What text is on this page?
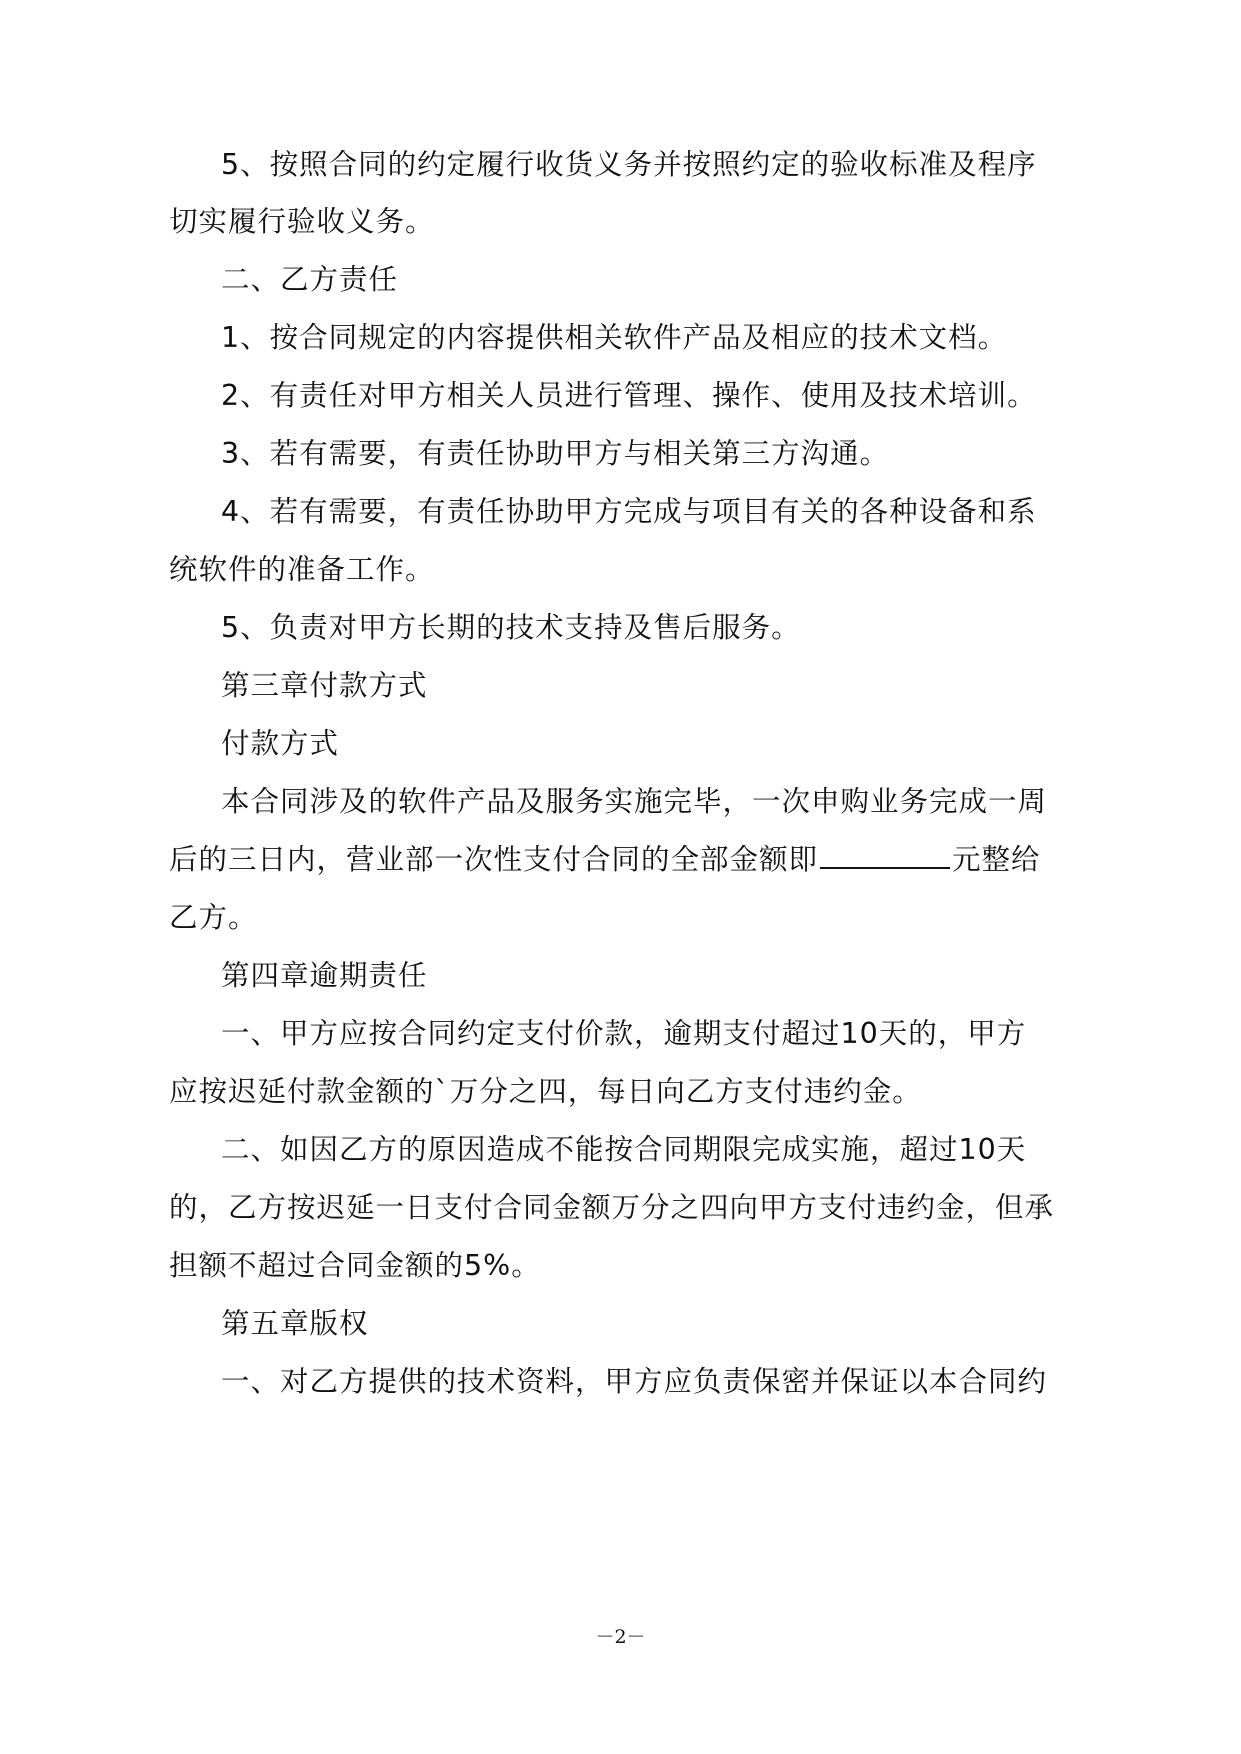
5、按照合同的约定履行收货义务并按照约定的验收标准及程序
切实履行验收义务。
二、乙方责任
1、按合同规定的内容提供相关软件产品及相应的技术文档。
2、有责任对甲方相关人员进行管理、操作、使用及技术培训。
3、若有需要，有责任协助甲方与相关第三方沟通。
4、若有需要，有责任协助甲方完成与项目有关的各种设备和系
统软件的准备工作。
5、负责对甲方长期的技术支持及售后服务。
第三章付款方式
付款方式
本合同涉及的软件产品及服务实施完毕，一次申购业务完成一周
后的三日内，营业部一次性支付合同的全部金额即	元整给
乙方。
第四章逾期责任
一、甲方应按合同约定支付价款，逾期支付超过10天的，甲方
应按迟延付款金额的`万分之四，每日向乙方支付违约金。
二、如因乙方的原因造成不能按合同期限完成实施，超过10天
的，乙方按迟延一日支付合同金额万分之四向甲方支付违约金，但承
担额不超过合同金额的5%。
第五章版权
一、对乙方提供的技术资料，甲方应负责保密并保证以本合同约
－2－
